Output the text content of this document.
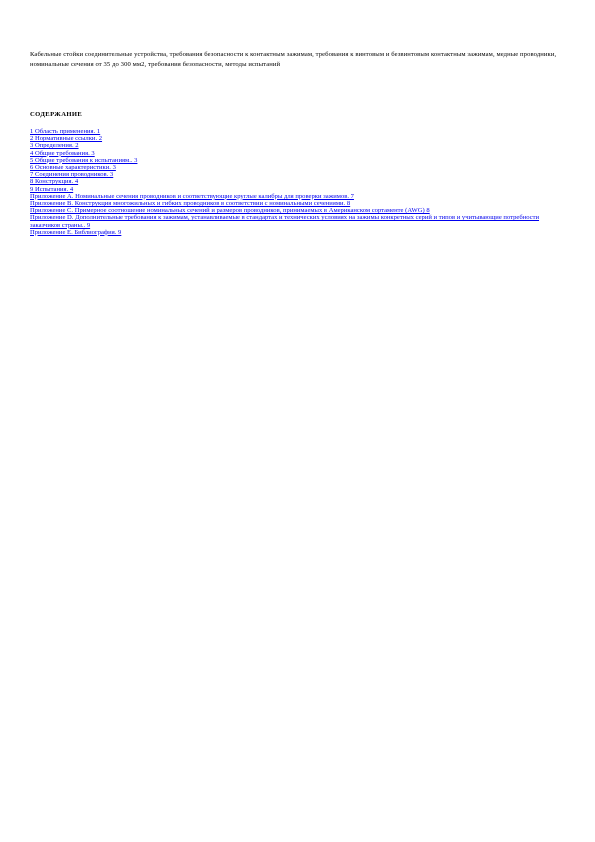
Кабельные стойки соединительные устройства, требования безопасности к контактным зажимам, требования к винтовым и безвинтовым контактным зажимам, медные проводники, номинальные сечения от 35 до 300 мм2, требования безопасности, методы испытаний
СОДЕРЖАНИЕ
1 Область применения. 1
2 Нормативные ссылки. 2
3 Определения. 2
4 Общие требования. 3
5 Общие требования к испытаниям.. 3
6 Основные характеристики. 3
7 Соединения проводников. 3
8 Конструкция. 4
9 Испытания. 4
Приложение А. Номинальные сечения проводников и соответствующие круглые калибры для проверки зажимов. 7
Приложение В. Конструкция многожильных и гибких проводников в соответствии с номинальными сечениями. 8
Приложение С. Примерное соотношение номинальных сечений и размеров проводников, принимаемых в Американском сортаменте (AWG) 8
Приложение D. Дополнительные требования к зажимам, устанавливаемые в стандартах и технических условиях на зажимы конкретных серий и типов и учитывающие потребности заказчиков страны.. 9
Приложение Е. Библиография. 9
